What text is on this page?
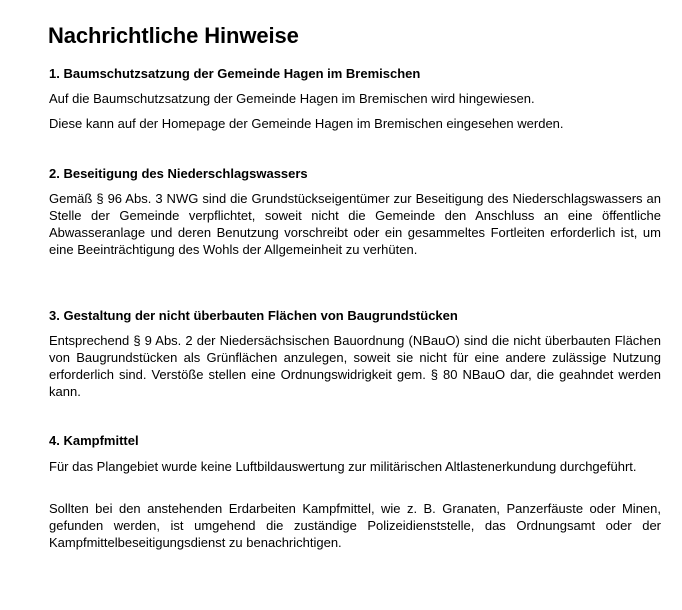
Nachrichtliche Hinweise
1. Baumschutzsatzung der Gemeinde Hagen im Bremischen

Auf die Baumschutzsatzung der Gemeinde Hagen im Bremischen wird hingewiesen.

Diese kann auf der Homepage der Gemeinde Hagen im Bremischen eingesehen werden.

2. Beseitigung des Niederschlagswassers

Gemäß § 96 Abs. 3 NWG sind die Grundstückseigentümer zur Beseitigung des Niederschlagswassers an Stelle der Gemeinde verpflichtet, soweit nicht die Gemeinde den Anschluss an eine öffentliche Abwasseranlage und deren Benutzung vorschreibt oder ein gesammeltes Fortleiten erforderlich ist, um eine Beeinträchtigung des Wohls der Allgemeinheit zu verhüten.

3. Gestaltung der nicht überbauten Flächen von Baugrundstücken

Entsprechend § 9 Abs. 2 der Niedersächsischen Bauordnung (NBauO) sind die nicht überbauten Flächen von Baugrundstücken als Grünflächen anzulegen, soweit sie nicht für eine andere zulässige Nutzung erforderlich sind. Verstöße stellen eine Ordnungswidrigkeit gem. § 80 NBauO dar, die geahndet werden kann.

4. Kampfmittel

Für das Plangebiet wurde keine Luftbildauswertung zur militärischen Altlastenerkundung durchgeführt.

Sollten bei den anstehenden Erdarbeiten Kampfmittel, wie z. B. Granaten, Panzerfäuste oder Minen, gefunden werden, ist umgehend die zuständige Polizeidienststelle, das Ordnungsamt oder der Kampfmittelbeseitigungsdienst zu benachrichtigen.
